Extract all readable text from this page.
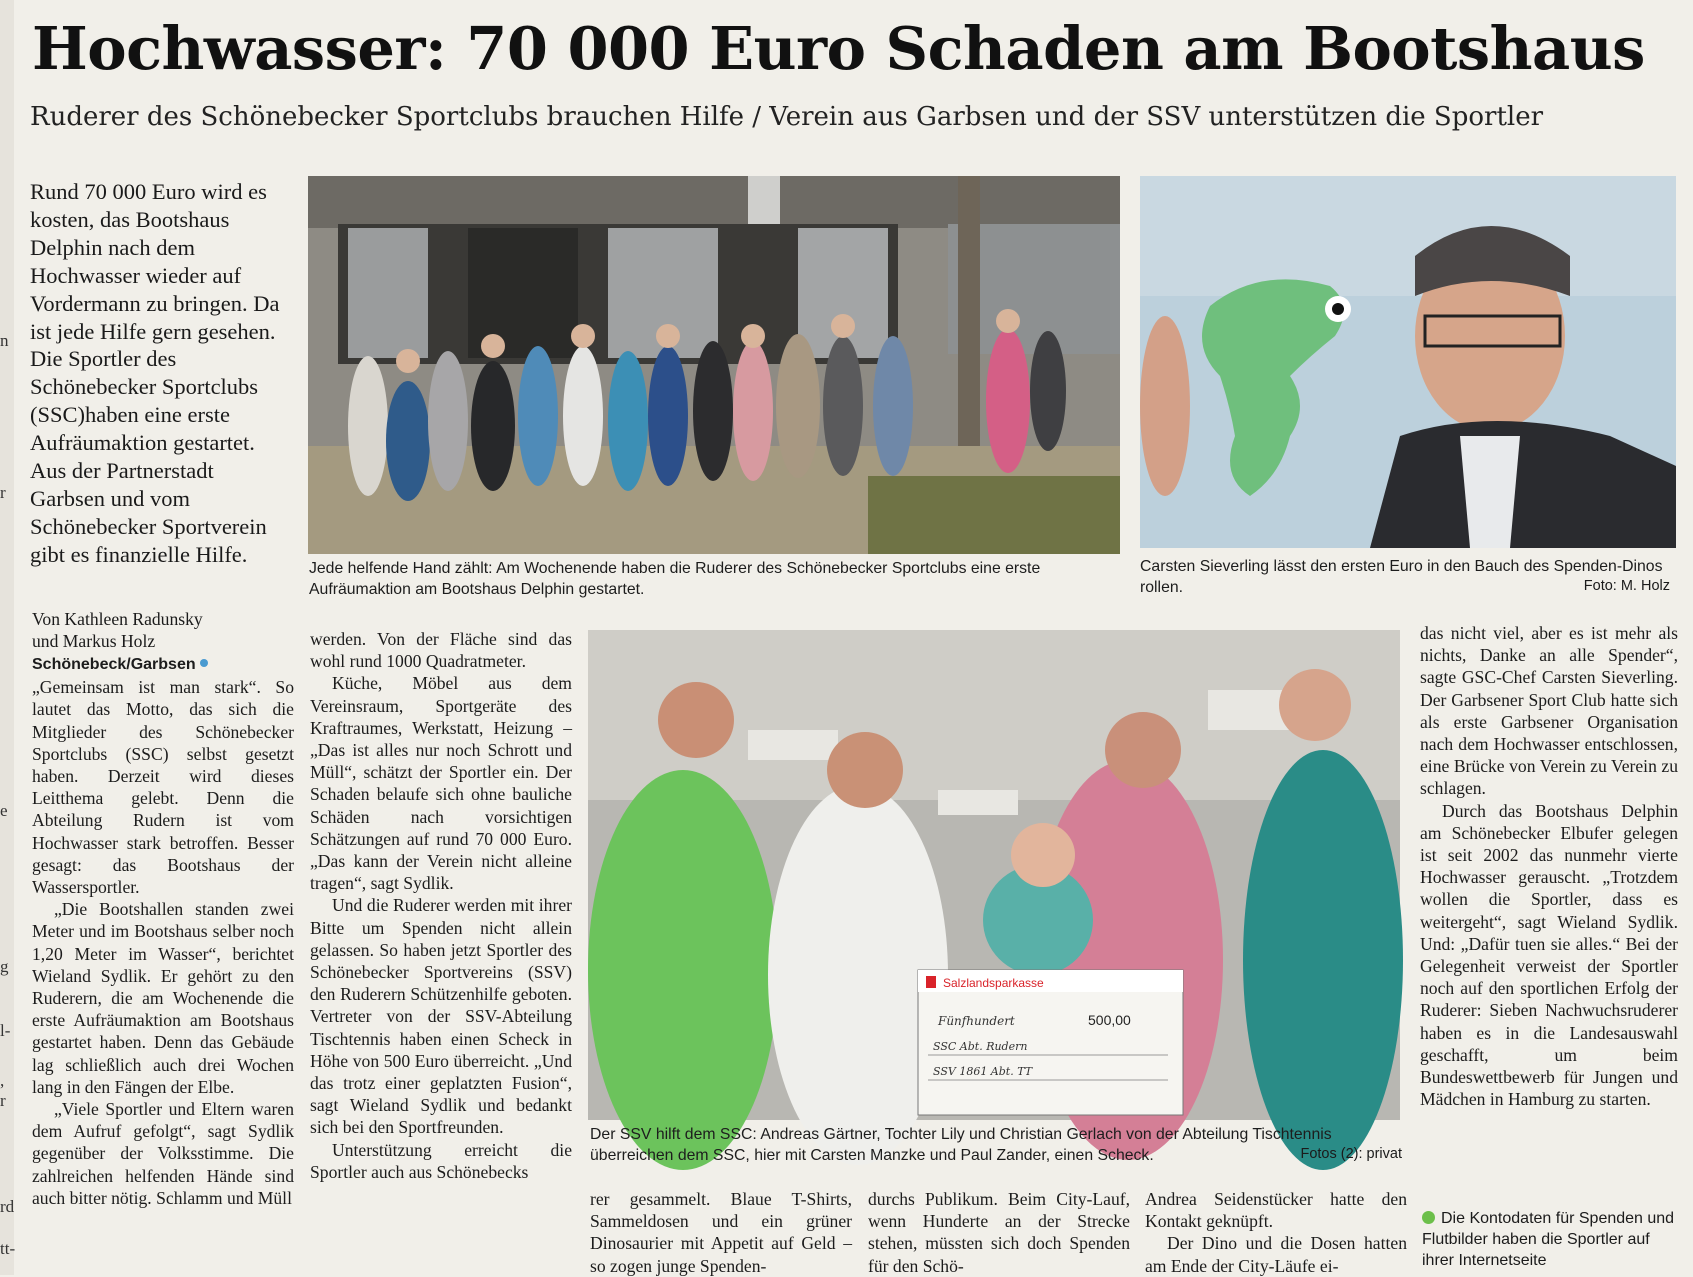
n
r
e
g
l-
,
r
rd
tt-
Hochwasser: 70 000 Euro Schaden am Bootshaus
Ruderer des Schönebecker Sportclubs brauchen Hilfe / Verein aus Garbsen und der SSV unterstützen die Sportler

Rund 70 000 Euro wird es kosten, das Bootshaus Delphin nach dem Hochwasser wieder auf Vordermann zu bringen. Da ist jede Hilfe gern gesehen. Die Sportler des Schönebecker Sportclubs (SSC)haben eine erste Aufräumaktion gestartet. Aus der Partnerstadt Garbsen und vom Schönebecker Sportverein gibt es finanzielle Hilfe.

Jede helfende Hand zählt: Am Wochenende haben die Ruderer des Schönebecker Sportclubs eine erste Aufräumaktion am Bootshaus Delphin gestartet.
Carsten Sieverling lässt den ersten Euro in den Bauch des Spenden-Dinos rollen.	Foto: M. Holz
Von Kathleen Radunsky
und Markus Holz

Schönebeck/Garbsen„Gemeinsam ist man stark“. So lautet das Motto, das sich die Mitglieder des Schönebecker Sportclubs (SSC) selbst gesetzt haben. Derzeit wird dieses Leitthema gelebt. Denn die Abteilung Rudern ist vom Hochwasser stark betroffen. Besser gesagt: das Bootshaus der Wassersportler.

„Die Bootshallen standen zwei Meter und im Bootshaus selber noch 1,20 Meter im Wasser“, berichtet Wieland Sydlik. Er gehört zu den Ruderern, die am Wochenende die erste Aufräumaktion am Bootshaus gestartet haben. Denn das Gebäude lag schließlich auch drei Wochen lang in den Fängen der Elbe.

„Viele Sportler und Eltern waren dem Aufruf gefolgt“, sagt Sydlik gegenüber der Volksstimme. Die zahlreichen helfenden Hände sind auch bitter nötig. Schlamm und Müll

werden. Von der Fläche sind das wohl rund 1000 Quadratmeter.

Küche, Möbel aus dem Vereinsraum, Sportgeräte des Kraftraumes, Werkstatt, Heizung – „Das ist alles nur noch Schrott und Müll“, schätzt der Sportler ein. Der Schaden belaufe sich ohne bauliche Schäden nach vorsichtigen Schätzungen auf rund 70 000 Euro. „Das kann der Verein nicht alleine tragen“, sagt Sydlik.

Und die Ruderer werden mit ihrer Bitte um Spenden nicht allein gelassen. So haben jetzt Sportler des Schönebecker Sportvereins (SSV) den Ruderern Schützenhilfe geboten. Vertreter von der SSV-Abteilung Tischtennis haben einen Scheck in Höhe von 500 Euro überreicht. „Und das trotz einer geplatzten Fusion“, sagt Wieland Sydlik und bedankt sich bei den Sportfreunden.

Unterstützung erreicht die Sportler auch aus Schönebecks

Salzlandsparkasse
500,00
Fünfhundert
SSC Abt. Rudern
SSV 1861 Abt. TT
Der SSV hilft dem SSC: Andreas Gärtner, Tochter Lily und Christian Gerlach von der Abteilung Tischtennis überreichen dem SSC, hier mit Carsten Manzke und Paul Zander, einen Scheck.	Fotos (2): privat

rer gesammelt. Blaue T-Shirts, Sammeldosen und ein grüner Dinosaurier mit Appetit auf Geld – so zogen junge Spenden-

durchs Publikum. Beim City-Lauf, wenn Hunderte an der Strecke stehen, müssten sich doch Spenden für den Schö-

Andrea Seidenstücker hatte den Kontakt geknüpft.

Der Dino und die Dosen hatten am Ende der City-Läufe ei-

das nicht viel, aber es ist mehr als nichts, Danke an alle Spender“, sagte GSC-Chef Carsten Sieverling. Der Garbsener Sport Club hatte sich als erste Garbsener Organisation nach dem Hochwasser entschlossen, eine Brücke von Verein zu Verein zu schlagen.

Durch das Bootshaus Delphin am Schönebecker Elbufer gelegen ist seit 2002 das nunmehr vierte Hochwasser gerauscht. „Trotzdem wollen die Sportler, dass es weitergeht“, sagt Wieland Sydlik. Und: „Dafür tuen sie alles.“ Bei der Gelegenheit verweist der Sportler noch auf den sportlichen Erfolg der Ruderer: Sieben Nachwuchsruderer haben es in die Landesauswahl geschafft, um beim Bundeswettbewerb für Jungen und Mädchen in Hamburg zu starten.

Die Kontodaten für Spenden und Flutbilder haben die Sportler auf ihrer Internetseite
